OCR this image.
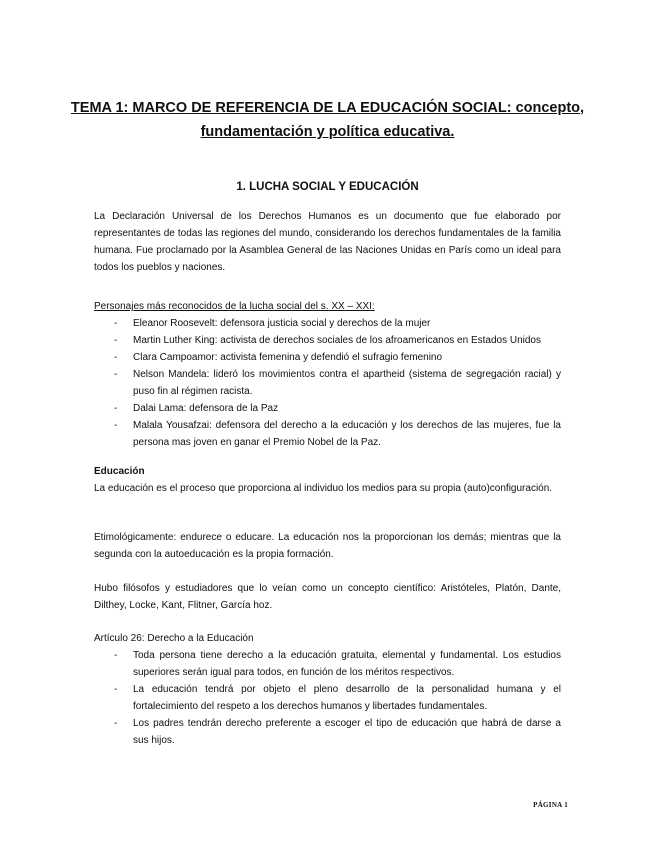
TEMA 1: MARCO DE REFERENCIA DE LA EDUCACIÓN SOCIAL: concepto,
fundamentación y política educativa.
1. LUCHA SOCIAL Y EDUCACIÓN

La Declaración Universal de los Derechos Humanos es un documento que fue elaborado por representantes de todas las regiones del mundo, considerando los derechos fundamentales de la familia humana. Fue proclamado por la Asamblea General de las Naciones Unidas en París como un ideal para todos los pueblos y naciones.

Personajes más reconocidos de la lucha social del s. XX – XXI:
- Eleanor Roosevelt: defensora justicia social y derechos de la mujer
- Martin Luther King: activista de derechos sociales de los afroamericanos en Estados Unidos
- Clara Campoamor: activista femenina y defendió el sufragio femenino
- Nelson Mandela: lideró los movimientos contra el apartheid (sistema de segregación racial) y puso fin al régimen racista.
- Dalai Lama: defensora de la Paz
- Malala Yousafzai: defensora del derecho a la educación y los derechos de las mujeres, fue la persona mas joven en ganar el Premio Nobel de la Paz.
Educación

La educación es el proceso que proporciona al individuo los medios para su propia (auto)configuración.

Etimológicamente: endurece o educare. La educación nos la proporcionan los demás; mientras que la segunda con la autoeducación es la propia formación.

Hubo filósofos y estudiadores que lo veían como un concepto científico: Aristóteles, Platón, Dante, Dilthey, Locke, Kant, Flitner, García hoz.

Artículo 26: Derecho a la Educación
- Toda persona tiene derecho a la educación gratuita, elemental y fundamental. Los estudios superiores serán igual para todos, en función de los méritos respectivos.
- La educación tendrá por objeto el pleno desarrollo de la personalidad humana y el fortalecimiento del respeto a los derechos humanos y libertades fundamentales.
- Los padres tendrán derecho preferente a escoger el tipo de educación que habrá de darse a sus hijos.
PÁGINA 1
